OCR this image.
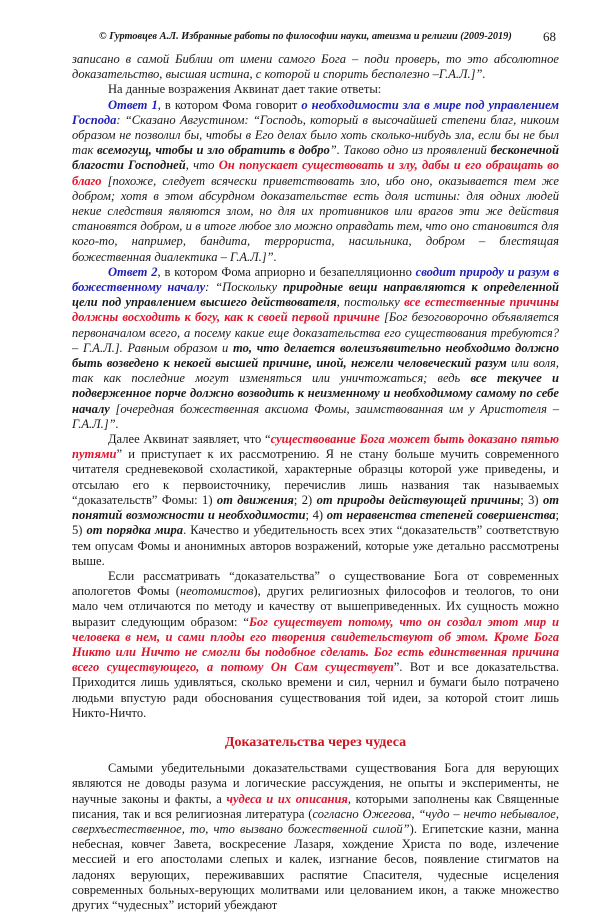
© Гуртовцев А.Л. Избранные работы по философии науки, атеизма и религии (2009-2019) 68

записано в самой Библии от имени самого Бога – поди проверь, то это абсолютное доказательство, высшая истина, с которой и спорить бесполезно –Г.А.Л.]”.

На данные возражения Аквинат дает такие ответы:

Ответ 1, в котором Фома говорит о необходимости зла в мире под управлением Господа: “Сказано Августином: “Господь, который в высочайшей степени благ, никоим образом не позволил бы, чтобы в Его делах было хоть сколько-нибудь зла, если бы не был так всемогущ, чтобы и зло обратить в добро”. Таково одно из проявлений бесконечной благости Господней, что Он попускает существовать и злу, дабы и его обращать во благо [похоже, следует всячески приветствовать зло, ибо оно, оказывается тем же добром; хотя в этом абсурдном доказательстве есть доля истины: для одних людей некие следствия являются злом, но для их противников или врагов эти же действия становятся добром, и в итоге любое зло можно оправдать тем, что оно становится для кого-то, например, бандита, террориста, насильника, добром – блестящая божественная диалектика – Г.А.Л.]”.

Ответ 2, в котором Фома априорно и безапелляционно сводит природу и разум в божественному началу: “Поскольку природные вещи направляются к определенной цели под управлением высшего действователя, постольку все естественные причины должны восходить к богу, как к своей первой причине [Бог безоговорочно объявляется первоначалом всего, а посему какие еще доказательства его существования требуются? – Г.А.Л.]. Равным образом и то, что делается волеизъявительно необходимо должно быть возведено к некоей высшей причине, иной, нежели человеческий разум или воля, так как последние могут изменяться или уничтожаться; ведь все текучее и подверженное порче должно возводить к неизменному и необходимому самому по себе началу [очередная божественная аксиома Фомы, заимствованная им у Аристотеля – Г.А.Л.]”.

Далее Аквинат заявляет, что “существование Бога может быть доказано пятью путями” и приступает к их рассмотрению. Я не стану больше мучить современного читателя средневековой схоластикой, характерные образцы которой уже приведены, и отсылаю его к первоисточнику, перечислив лишь названия так называемых “доказательств” Фомы: 1) от движения; 2) от природы действующей причины; 3) от понятий возможности и необходимости; 4) от неравенства степеней совершенства; 5) от порядка мира. Качество и убедительность всех этих “доказательств” соответствую тем опусам Фомы и анонимных авторов возражений, которые уже детально рассмотрены выше.

Если рассматривать “доказательства” о существование Бога от современных апологетов Фомы (неотомистов), других религиозных философов и теологов, то они мало чем отличаются по методу и качеству от вышеприведенных. Их сущность можно выразит следующим образом: “Бог существует потому, что он создал этот мир и человека в нем, и сами плоды его творения свидетельствуют об этом. Кроме Бога Никто или Ничто не смогли бы подобное сделать. Бог есть единственная причина всего существующего, а потому Он Сам существует”. Вот и все доказательства. Приходится лишь удивляться, сколько времени и сил, чернил и бумаги было потрачено людьми впустую ради обоснования существования той идеи, за которой стоит лишь Никто-Ничто.

Доказательства через чудеса

Самыми убедительными доказательствами существования Бога для верующих являются не доводы разума и логические рассуждения, не опыты и эксперименты, не научные законы и факты, а чудеса и их описания, которыми заполнены как Священные писания, так и вся религиозная литература (согласно Ожегова, “чудо – нечто небывалое, сверхъестественное, то, что вызвано божественной силой”). Египетские казни, манна небесная, ковчег Завета, воскресение Лазаря, хождение Христа по воде, излечение мессией и его апостолами слепых и калек, изгнание бесов, появление стигматов на ладонях верующих, переживавших распятие Спасителя, чудесные исцеления современных больных-верующих молитвами или целованием икон, а также множество других “чудесных” историй убеждают
